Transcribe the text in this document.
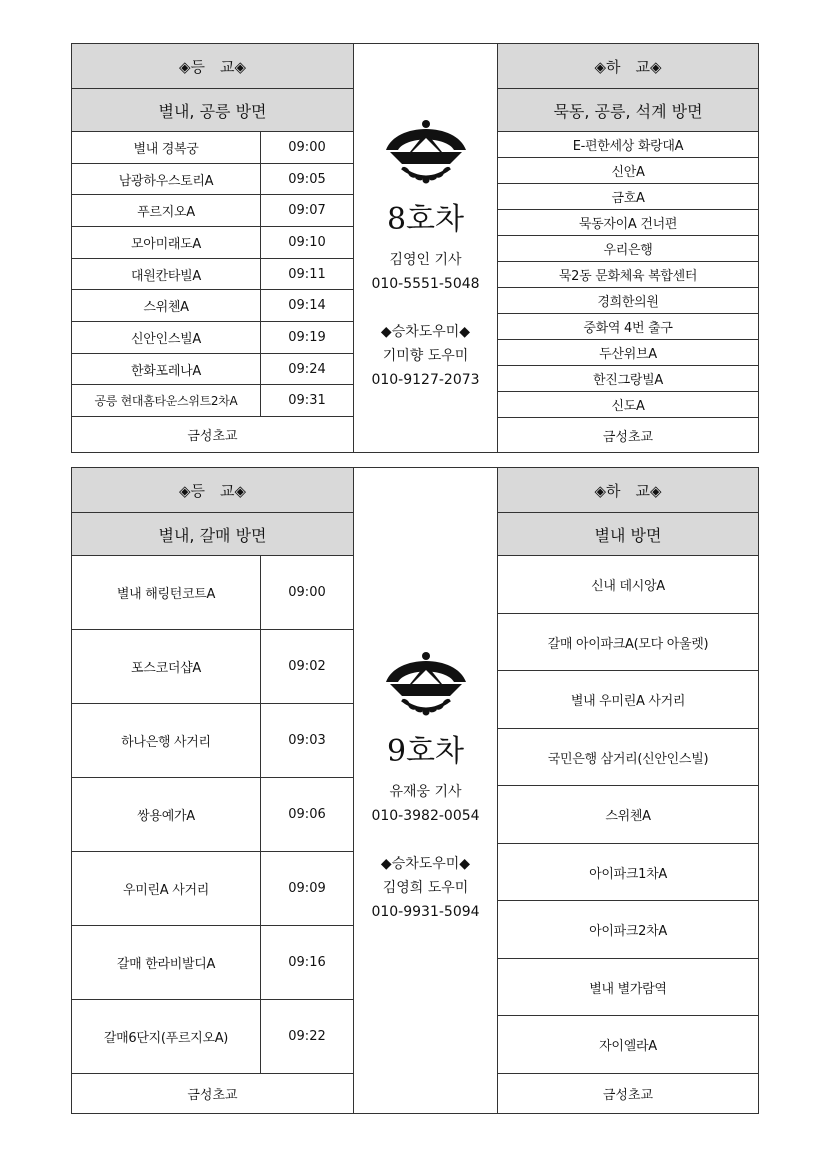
◈등　교◈
별내, 공릉 방면
별내 경복궁	09:00
남광하우스토리A	09:05
푸르지오A	09:07
모아미래도A	09:10
대원칸타빌A	09:11
스위첸A	09:14
신안인스빌A	09:19
한화포레나A	09:24
공릉 현대홈타운스위트2차A	09:31
금성초교
8호차
김영인 기사
010-5551-5048
◆승차도우미◆
기미향 도우미
010-9127-2073
◈하　교◈
묵동, 공릉, 석계 방면
E-편한세상 화랑대A
신안A
금호A
묵동자이A 건너편
우리은행
묵2동 문화체육 복합센터
경희한의원
중화역 4번 출구
두산위브A
한진그랑빌A
신도A
금성초교
◈등　교◈
별내, 갈매 방면
별내 해링턴코트A	09:00
포스코더샵A	09:02
하나은행 사거리	09:03
쌍용예가A	09:06
우미린A 사거리	09:09
갈매 한라비발디A	09:16
갈매6단지(푸르지오A)	09:22
금성초교
9호차
유재웅 기사
010-3982-0054
◆승차도우미◆
김영희 도우미
010-9931-5094
◈하　교◈
별내 방면
신내 데시앙A
갈매 아이파크A(모다 아울렛)
별내 우미린A 사거리
국민은행 삼거리(신안인스빌)
스위첸A
아이파크1차A
아이파크2차A
별내 별가람역
자이엘라A
금성초교
